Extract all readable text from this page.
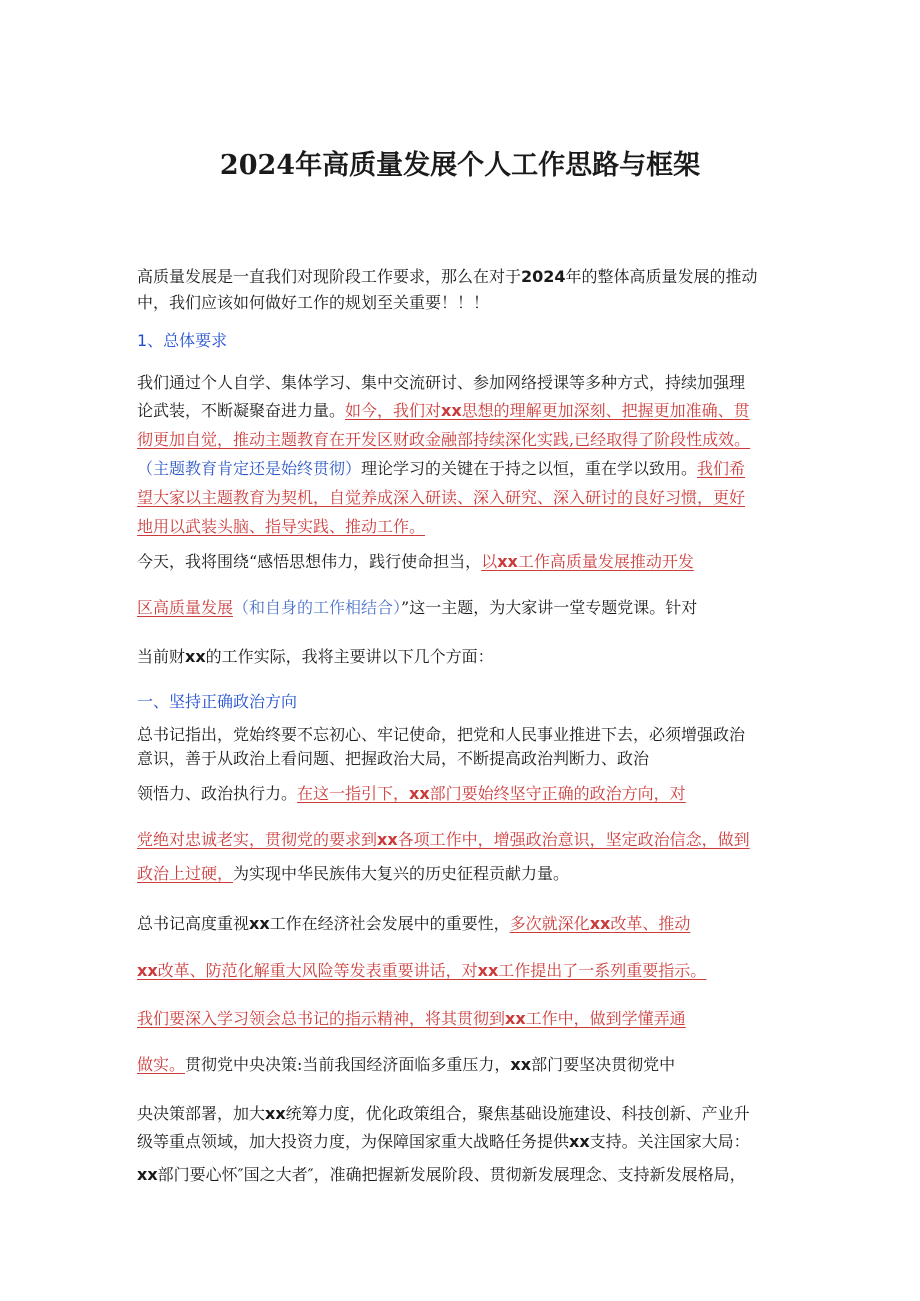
2024年高质量发展个人工作思路与框架

高质量发展是一直我们对现阶段工作要求，那么在对于2024年的整体高质量发展的推动

中，我们应该如何做好工作的规划至关重要！！！

1、总体要求

我们通过个人自学、集体学习、集中交流研讨、参加网络授课等多种方式，持续加强理

论武装，不断凝聚奋进力量。如今，我们对xx思想的理解更加深刻、把握更加准确、贯

彻更加自觉，推动主题教育在开发区财政金融部持续深化实践,已经取得了阶段性成效。

（主题教育肯定还是始终贯彻）理论学习的关键在于持之以恒，重在学以致用。我们希

望大家以主题教育为契机，自觉养成深入研读、深入研究、深入研讨的良好习惯，更好

地用以武装头脑、指导实践、推动工作。

今天，我将围绕“感悟思想伟力，践行使命担当，以xx工作高质量发展推动开发

区高质量发展（和自身的工作相结合）”这一主题，为大家讲一堂专题党课。针对

当前财xx的工作实际，我将主要讲以下几个方面：

一、坚持正确政治方向

总书记指出，党始终要不忘初心、牢记使命，把党和人民事业推进下去，必须增强政治

意识，善于从政治上看问题、把握政治大局，不断提高政治判断力、政治

领悟力、政治执行力。在这一指引下，xx部门要始终坚守正确的政治方向，对

党绝对忠诚老实，贯彻党的要求到xx各项工作中，增强政治意识，坚定政治信念，做到

政治上过硬，为实现中华民族伟大复兴的历史征程贡献力量。

总书记高度重视xx工作在经济社会发展中的重要性，多次就深化xx改革、推动

xx改革、防范化解重大风险等发表重要讲话，对xx工作提出了一系列重要指示。

我们要深入学习领会总书记的指示精神，将其贯彻到xx工作中，做到学懂弄通

做实。贯彻党中央决策:当前我国经济面临多重压力，xx部门要坚决贯彻党中

央决策部署，加大xx统筹力度，优化政策组合，聚焦基础设施建设、科技创新、产业升

级等重点领域，加大投资力度，为保障国家重大战略任务提供xx支持。关注国家大局：

xx部门要心怀″国之大者″，准确把握新发展阶段、贯彻新发展理念、支持新发展格局，
